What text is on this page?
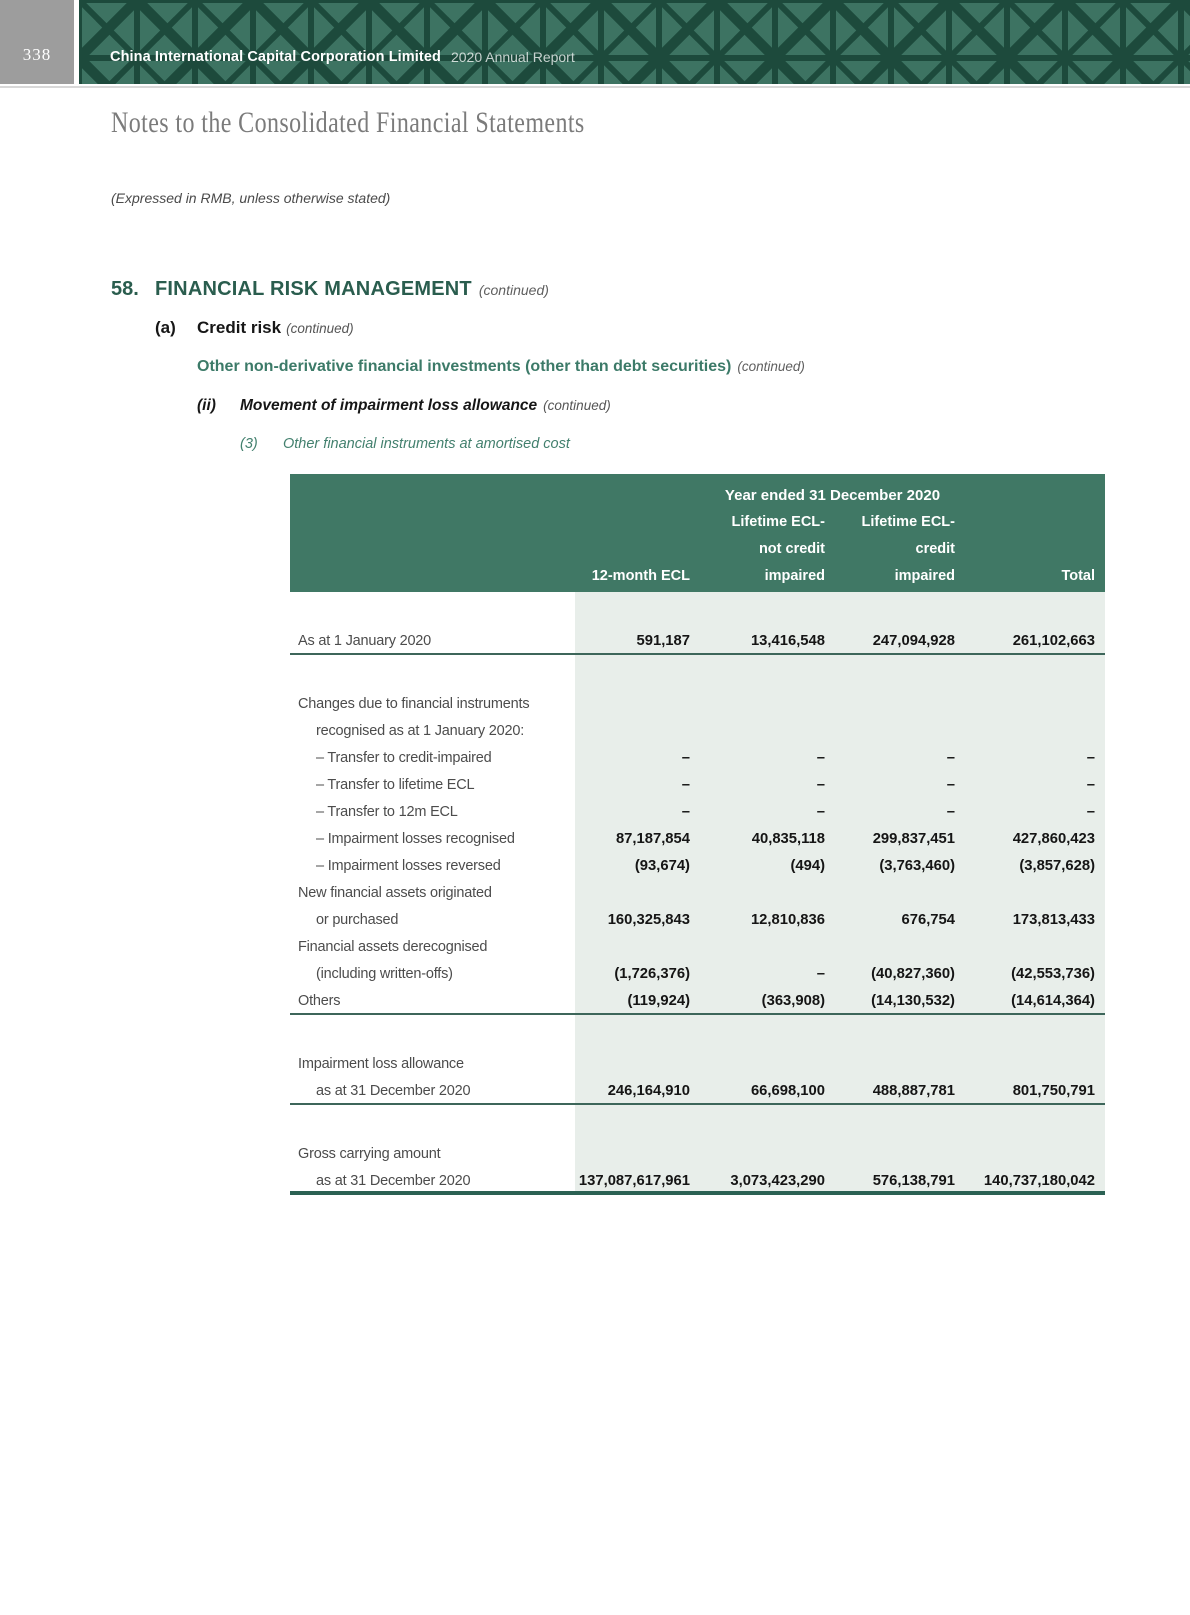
338	China International Capital Corporation Limited 2020 Annual Report
Notes to the Consolidated Financial Statements

(Expressed in RMB, unless otherwise stated)

58. FINANCIAL RISK MANAGEMENT (continued)
(a) Credit risk (continued)
Other non-derivative financial investments (other than debt securities) (continued)
(ii) Movement of impairment loss allowance (continued)
(3) Other financial instruments at amortised cost
Year ended 31 December 2020
Lifetime ECL-	Lifetime ECL-
not credit	credit
12-month ECL	impaired	impaired	Total
As at 1 January 2020	591,187	13,416,548	247,094,928	261,102,663
Changes due to financial instruments
recognised as at 1 January 2020:
– Transfer to credit-impaired	–	–	–	–
– Transfer to lifetime ECL	–	–	–	–
– Transfer to 12m ECL	–	–	–	–
– Impairment losses recognised	87,187,854	40,835,118	299,837,451	427,860,423
– Impairment losses reversed	(93,674)	(494)	(3,763,460)	(3,857,628)
New financial assets originated
or purchased	160,325,843	12,810,836	676,754	173,813,433
Financial assets derecognised
(including written-offs)	(1,726,376)	–	(40,827,360)	(42,553,736)
Others	(119,924)	(363,908)	(14,130,532)	(14,614,364)
Impairment loss allowance
as at 31 December 2020	246,164,910	66,698,100	488,887,781	801,750,791
Gross carrying amount
as at 31 December 2020	137,087,617,961	3,073,423,290	576,138,791	140,737,180,042
